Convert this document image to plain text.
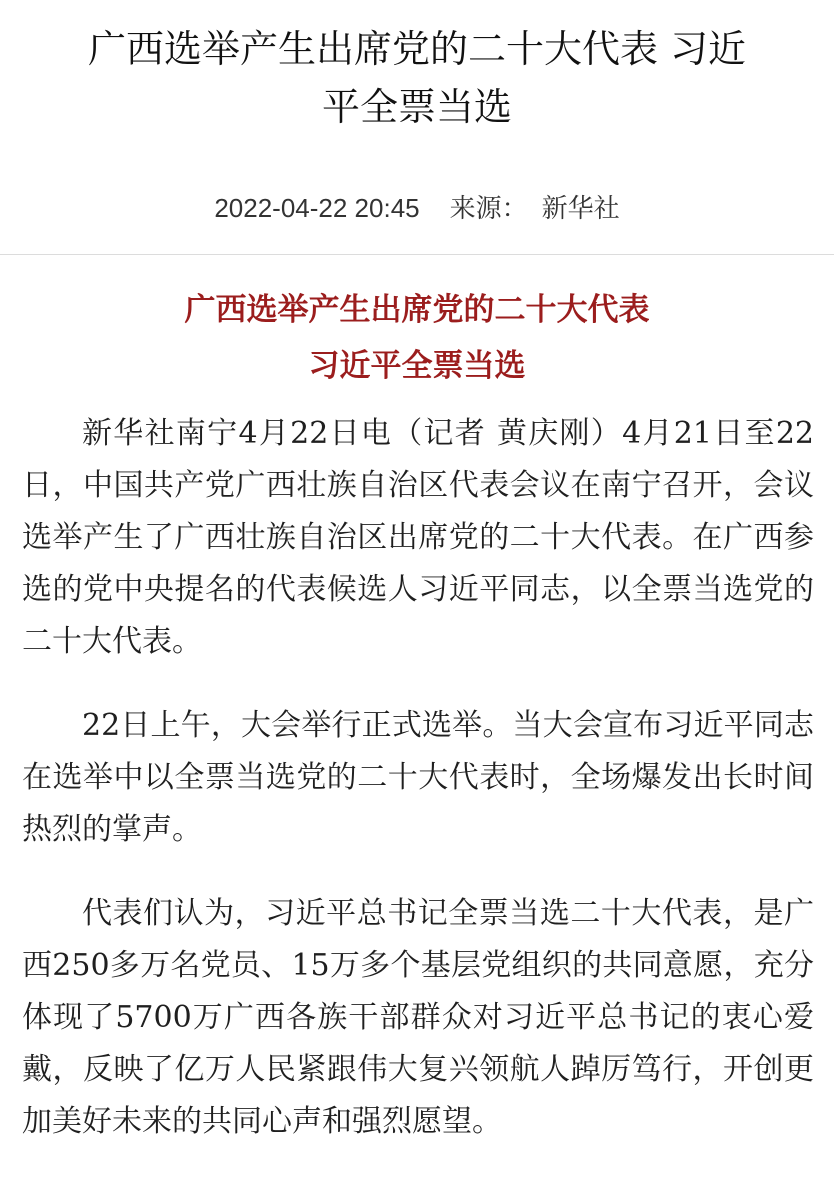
广西选举产生出席党的二十大代表 习近
平全票当选
2022-04-22 20:45 来源： 新华社
广西选举产生出席党的二十大代表
习近平全票当选

新华社南宁4月22日电（记者 黄庆刚）4月21日至22日，中国共产党广西壮族自治区代表会议在南宁召开，会议选举产生了广西壮族自治区出席党的二十大代表。在广西参选的党中央提名的代表候选人习近平同志，以全票当选党的二十大代表。

22日上午，大会举行正式选举。当大会宣布习近平同志在选举中以全票当选党的二十大代表时，全场爆发出长时间热烈的掌声。

代表们认为，习近平总书记全票当选二十大代表，是广西250多万名党员、15万多个基层党组织的共同意愿，充分体现了5700万广西各族干部群众对习近平总书记的衷心爱戴，反映了亿万人民紧跟伟大复兴领航人踔厉笃行，开创更加美好未来的共同心声和强烈愿望。
